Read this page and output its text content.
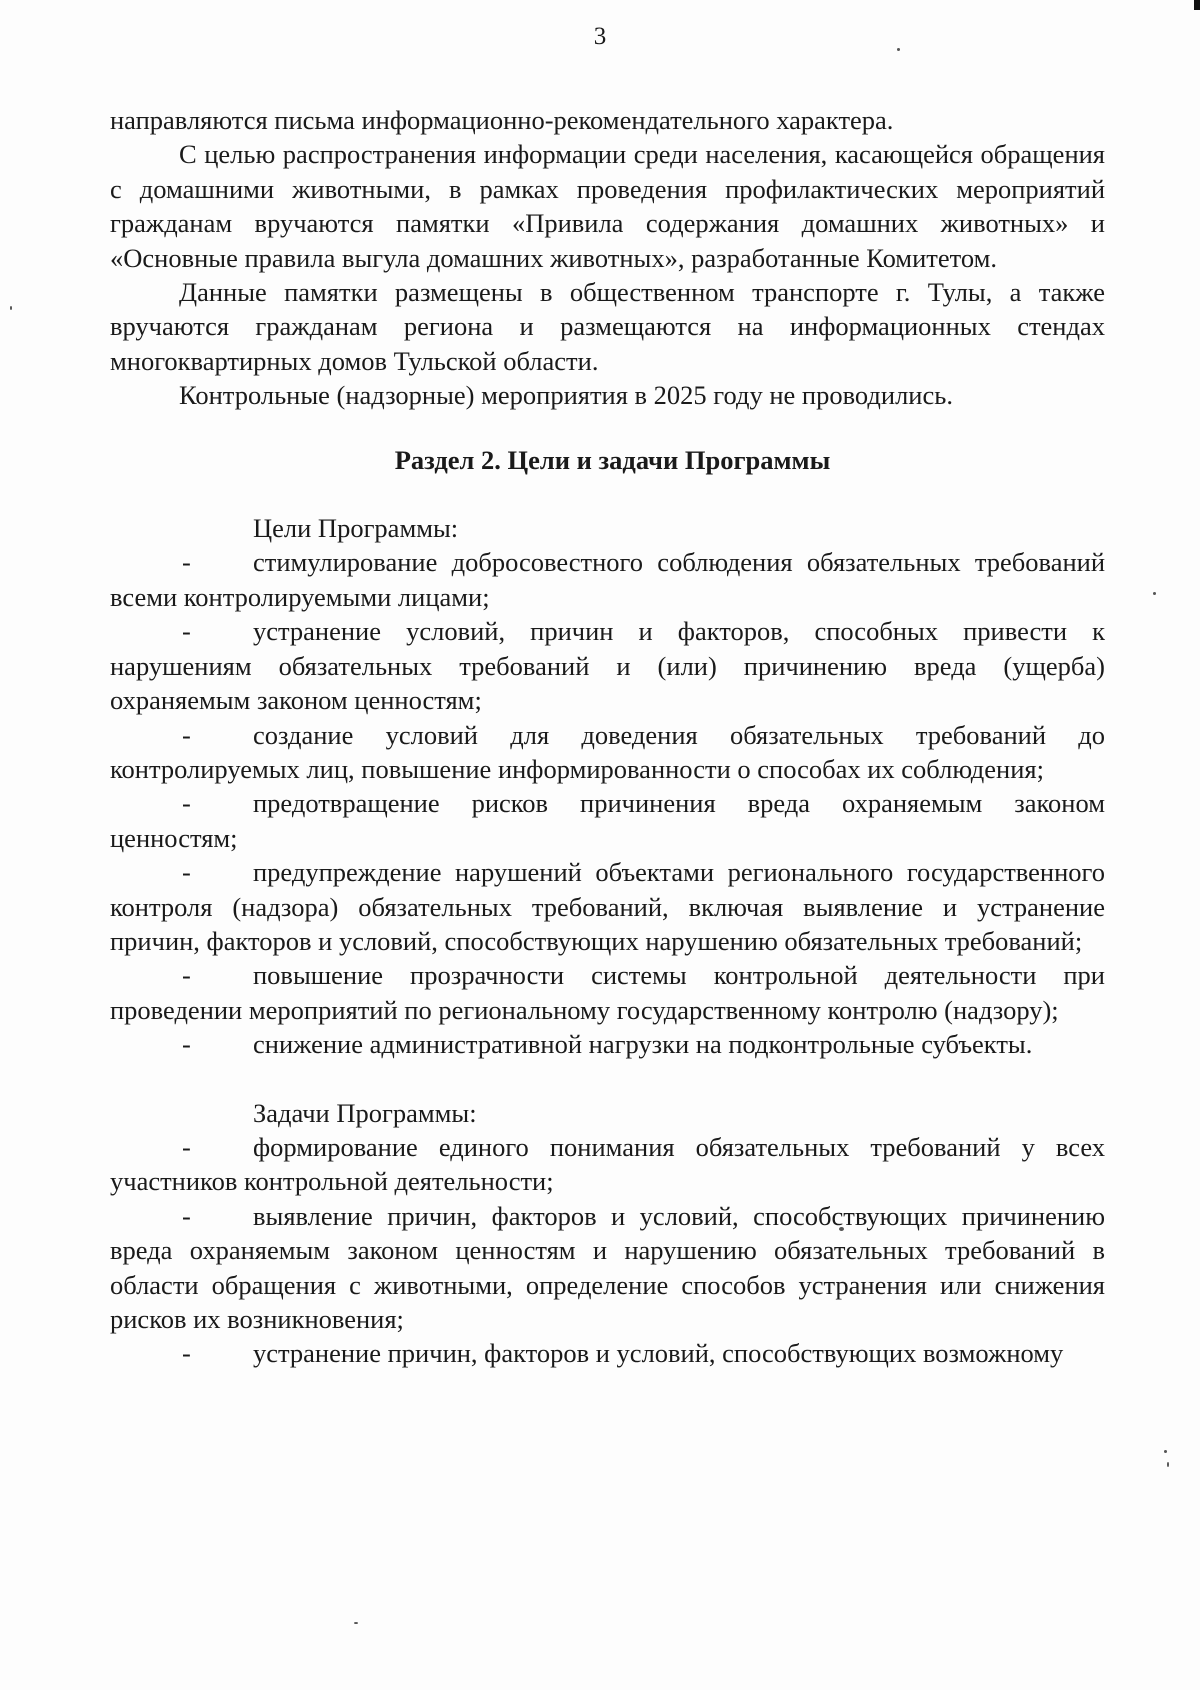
3

направляются письма информационно-рекомендательного характера.

С целью распространения информации среди населения, касающейся обращения с домашними животными, в рамках проведения профилактических мероприятий гражданам вручаются памятки «Привила содержания домашних животных» и «Основные правила выгула домашних животных», разработанные Комитетом.

Данные памятки размещены в общественном транспорте г. Тулы, а также вручаются гражданам региона и размещаются на информационных стендах многоквартирных домов Тульской области.

Контрольные (надзорные) мероприятия в 2025 году не проводились.

Раздел 2. Цели и задачи Программы

Цели Программы:

- стимулирование добросовестного соблюдения обязательных требований всеми контролируемыми лицами;

- устранение условий, причин и факторов, способных привести к нарушениям обязательных требований и (или) причинению вреда (ущерба) охраняемым законом ценностям;

- создание условий для доведения обязательных требований до контролируемых лиц, повышение информированности о способах их соблюдения;

- предотвращение рисков причинения вреда охраняемым законом ценностям;

- предупреждение нарушений объектами регионального государственного контроля (надзора) обязательных требований, включая выявление и устранение причин, факторов и условий, способствующих нарушению обязательных требований;

- повышение прозрачности системы контрольной деятельности при проведении мероприятий по региональному государственному контролю (надзору);

- снижение административной нагрузки на подконтрольные субъекты.

Задачи Программы:

- формирование единого понимания обязательных требований у всех участников контрольной деятельности;

- выявление причин, факторов и условий, способствующих причинению вреда охраняемым законом ценностям и нарушению обязательных требований в области обращения с животными, определение способов устранения или снижения рисков их возникновения;

- устранение причин, факторов и условий, способствующих возможному
